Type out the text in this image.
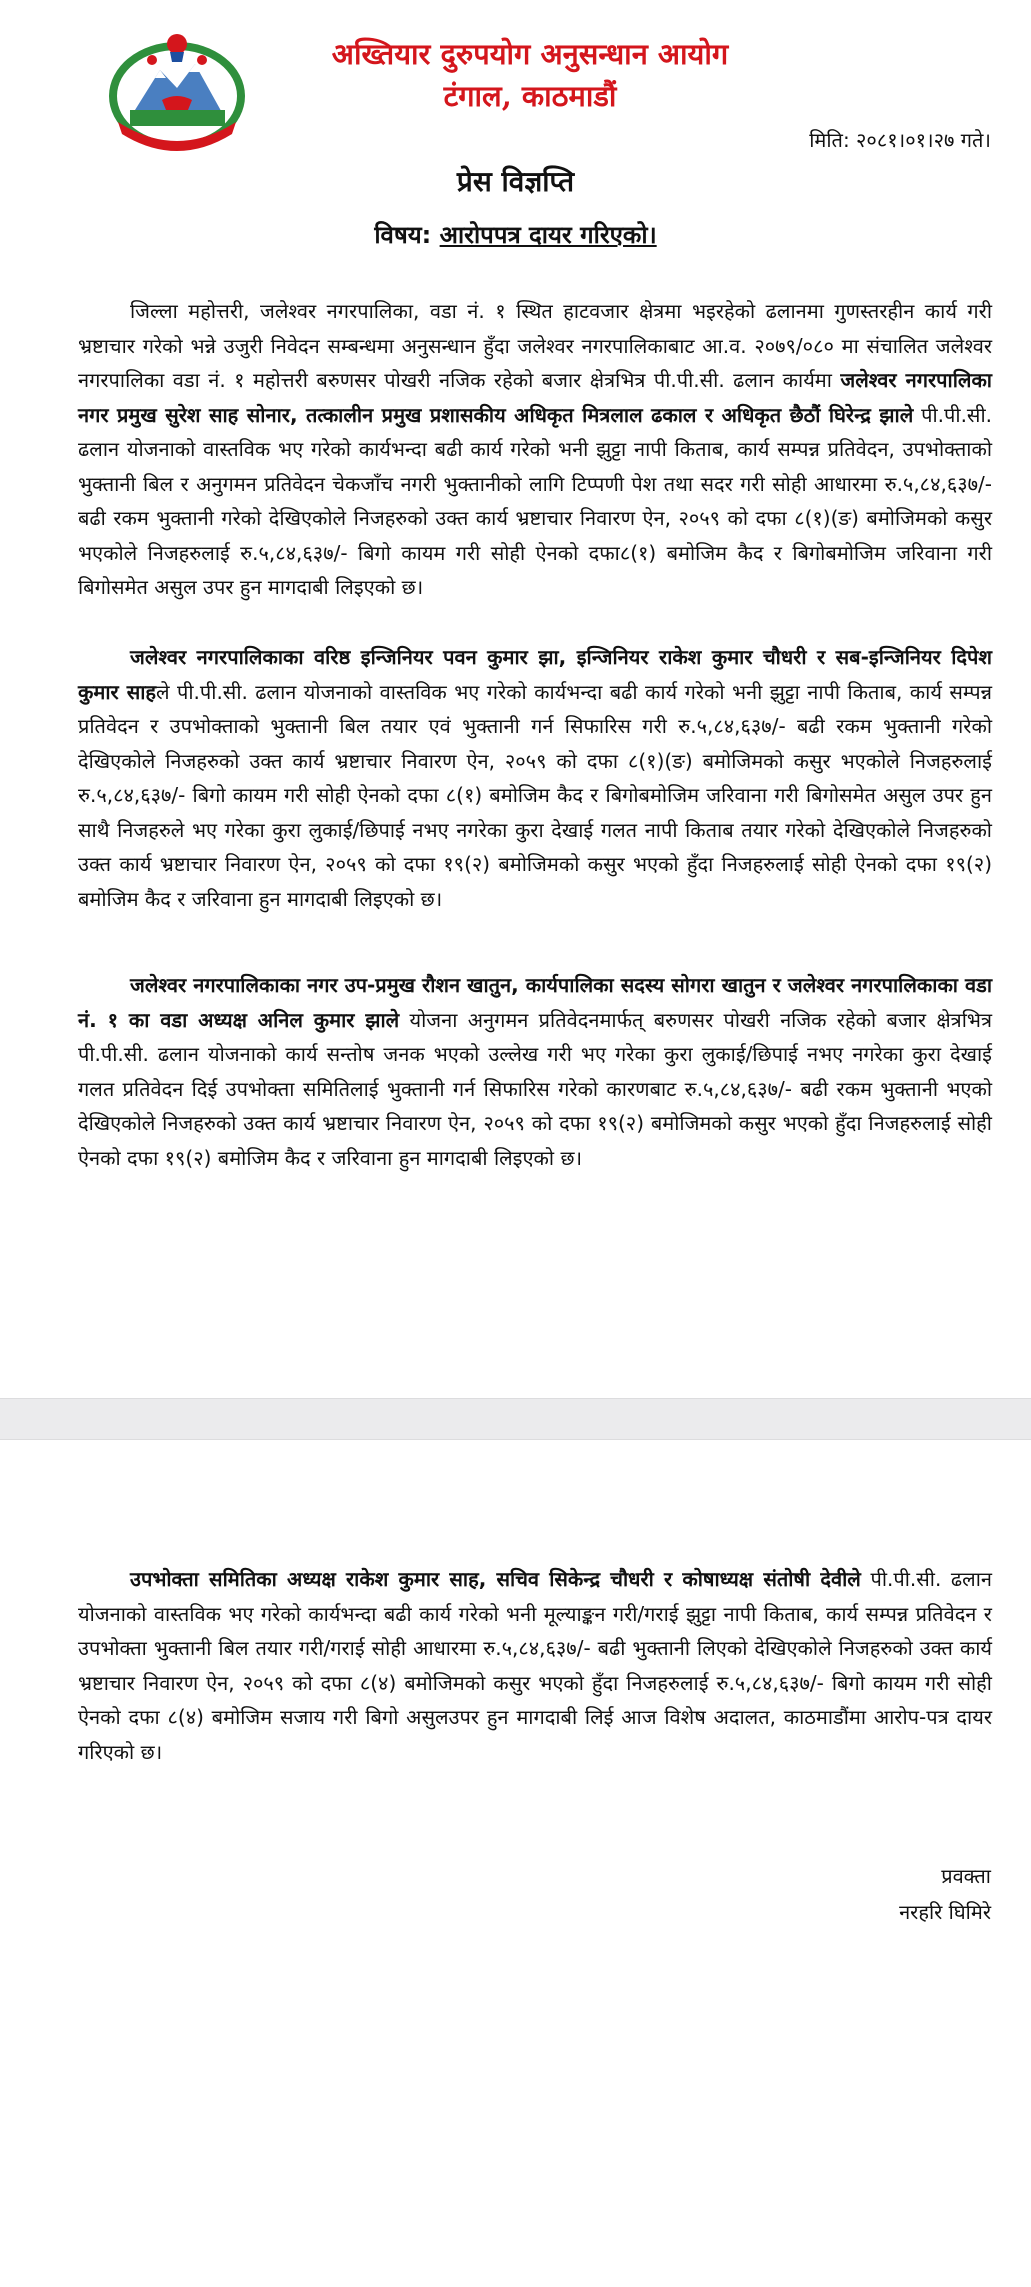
अख्तियार दुरुपयोग अनुसन्धान आयोग
टंगाल, काठमाडौं
मिति: २०८१।०१।२७ गते।
प्रेस विज्ञप्ति
विषय: आरोपपत्र दायर गरिएको।

जिल्ला महोत्तरी, जलेश्वर नगरपालिका, वडा नं. १ स्थित हाटवजार क्षेत्रमा भइरहेको ढलानमा गुणस्तरहीन कार्य गरी भ्रष्टाचार गरेको भन्ने उजुरी निवेदन सम्बन्धमा अनुसन्धान हुँदा जलेश्वर नगरपालिकाबाट आ.व. २०७९/०८० मा संचालित जलेश्वर नगरपालिका वडा नं. १ महोत्तरी बरुणसर पोखरी नजिक रहेको बजार क्षेत्रभित्र पी.पी.सी. ढलान कार्यमा जलेश्वर नगरपालिका नगर प्रमुख सुरेश साह सोनार, तत्कालीन प्रमुख प्रशासकीय अधिकृत मित्रलाल ढकाल र अधिकृत छैठौं घिरेन्द्र झाले पी.पी.सी. ढलान योजनाको वास्तविक भए गरेको कार्यभन्दा बढी कार्य गरेको भनी झुट्टा नापी किताब, कार्य सम्पन्न प्रतिवेदन, उपभोक्ताको भुक्तानी बिल र अनुगमन प्रतिवेदन चेकजाँच नगरी भुक्तानीको लागि टिप्पणी पेश तथा सदर गरी सोही आधारमा रु.५,८४,६३७/- बढी रकम भुक्तानी गरेको देखिएकोले निजहरुको उक्त कार्य भ्रष्टाचार निवारण ऐन, २०५९ को दफा ८(१)(ङ) बमोजिमको कसुर भएकोले निजहरुलाई रु.५,८४,६३७/- बिगो कायम गरी सोही ऐनको दफा८(१) बमोजिम कैद र बिगोबमोजिम जरिवाना गरी बिगोसमेत असुल उपर हुन मागदाबी लिइएको छ।

जलेश्वर नगरपालिकाका वरिष्ठ इन्जिनियर पवन कुमार झा, इन्जिनियर राकेश कुमार चौधरी र सब-इन्जिनियर दिपेश कुमार साहले पी.पी.सी. ढलान योजनाको वास्तविक भए गरेको कार्यभन्दा बढी कार्य गरेको भनी झुट्टा नापी किताब, कार्य सम्पन्न प्रतिवेदन र उपभोक्ताको भुक्तानी बिल तयार एवं भुक्तानी गर्न सिफारिस गरी रु.५,८४,६३७/- बढी रकम भुक्तानी गरेको देखिएकोले निजहरुको उक्त कार्य भ्रष्टाचार निवारण ऐन, २०५९ को दफा ८(१)(ङ) बमोजिमको कसुर भएकोले निजहरुलाई रु.५,८४,६३७/- बिगो कायम गरी सोही ऐनको दफा ८(१) बमोजिम कैद र बिगोबमोजिम जरिवाना गरी बिगोसमेत असुल उपर हुन साथै निजहरुले भए गरेका कुरा लुकाई/छिपाई नभए नगरेका कुरा देखाई गलत नापी किताब तयार गरेको देखिएकोले निजहरुको उक्त कार्य भ्रष्टाचार निवारण ऐन, २०५९ को दफा १९(२) बमोजिमको कसुर भएको हुँदा निजहरुलाई सोही ऐनको दफा १९(२) बमोजिम कैद र जरिवाना हुन मागदाबी लिइएको छ।

जलेश्वर नगरपालिकाका नगर उप-प्रमुख रौशन खातुन, कार्यपालिका सदस्य सोगरा खातुन र जलेश्वर नगरपालिकाका वडा नं. १ का वडा अध्यक्ष अनिल कुमार झाले योजना अनुगमन प्रतिवेदनमार्फत् बरुणसर पोखरी नजिक रहेको बजार क्षेत्रभित्र पी.पी.सी. ढलान योजनाको कार्य सन्तोष जनक भएको उल्लेख गरी भए गरेका कुरा लुकाई/छिपाई नभए नगरेका कुरा देखाई गलत प्रतिवेदन दिई उपभोक्ता समितिलाई भुक्तानी गर्न सिफारिस गरेको कारणबाट रु.५,८४,६३७/- बढी रकम भुक्तानी भएको देखिएकोले निजहरुको उक्त कार्य भ्रष्टाचार निवारण ऐन, २०५९ को दफा १९(२) बमोजिमको कसुर भएको हुँदा निजहरुलाई सोही ऐनको दफा १९(२) बमोजिम कैद र जरिवाना हुन मागदाबी लिइएको छ।

उपभोक्ता समितिका अध्यक्ष राकेश कुमार साह, सचिव सिकेन्द्र चौधरी र कोषाध्यक्ष संतोषी देवीले पी.पी.सी. ढलान योजनाको वास्तविक भए गरेको कार्यभन्दा बढी कार्य गरेको भनी मूल्याङ्कन गरी/गराई झुट्टा नापी किताब, कार्य सम्पन्न प्रतिवेदन र उपभोक्ता भुक्तानी बिल तयार गरी/गराई सोही आधारमा रु.५,८४,६३७/- बढी भुक्तानी लिएको देखिएकोले निजहरुको उक्त कार्य भ्रष्टाचार निवारण ऐन, २०५९ को दफा ८(४) बमोजिमको कसुर भएको हुँदा निजहरुलाई रु.५,८४,६३७/- बिगो कायम गरी सोही ऐनको दफा ८(४) बमोजिम सजाय गरी बिगो असुलउपर हुन मागदाबी लिई आज विशेष अदालत, काठमाडौंमा आरोप-पत्र दायर गरिएको छ।

प्रवक्ता
नरहरि घिमिरे
